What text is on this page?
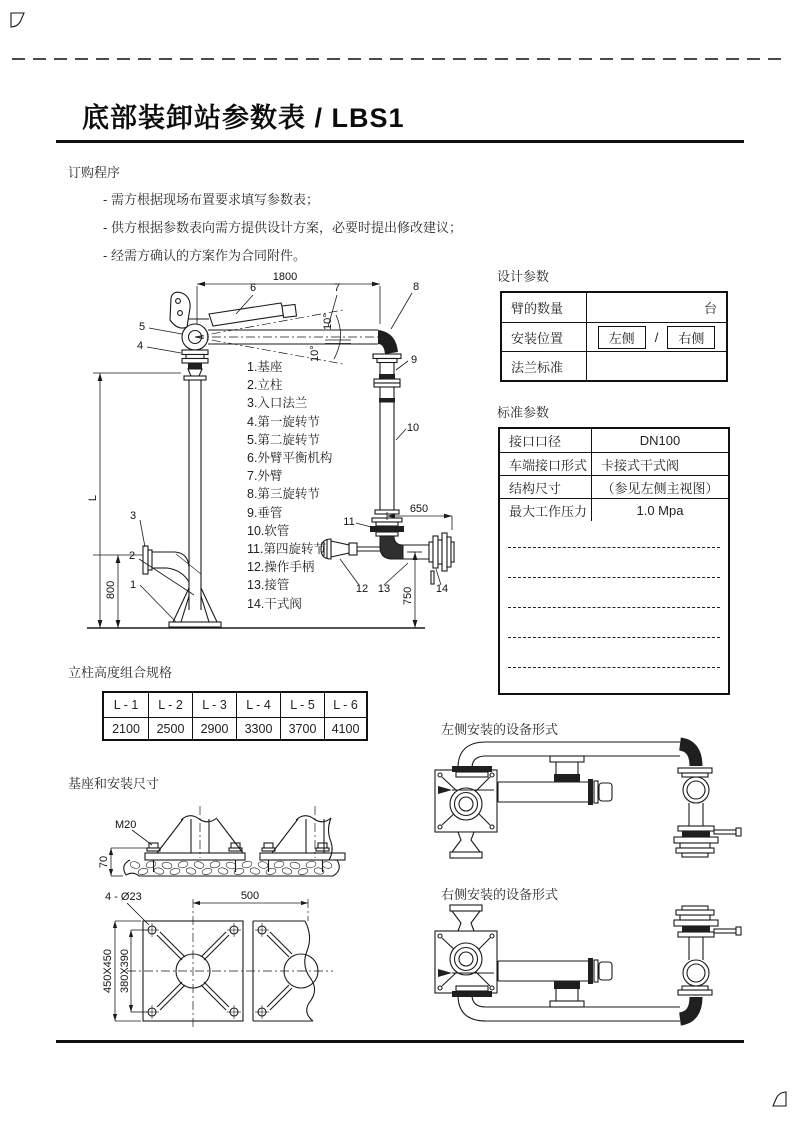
底部装卸站参数表 / LBS1
订购程序
- 需方根据现场布置要求填写参数表；
- 供方根据参数表向需方提供设计方案，必要时提出修改建议；
- 经需方确认的方案作为合同附件。
1800
L
800
10°
10°
650
750
5
4
6	7	8
9
10
11
12 13	14
1
2
3
1.基座
2.立柱
3.入口法兰
4.第一旋转节
5.第二旋转节
6.外臂平衡机构
7.外臂
8.第三旋转节
9.垂管
10.软管
11.第四旋转节
12.操作手柄
13.接管
14.干式阀
设计参数
臂的数量	台
安装位置	左侧	/	右侧
法兰标准
标准参数
接口口径	DN100
车端接口形式	卡接式干式阀
结构尺寸	（参见左侧主视图）
最大工作压力	1.0 Mpa
立柱高度组合规格
L - 1	L - 2	L - 3	L - 4	L - 5	L - 6
2100	2500	2900	3300	3700	4100
基座和安装尺寸
M20
70
500
4 - Ø23
450X450 380X390
左侧安装的设备形式
右侧安装的设备形式
